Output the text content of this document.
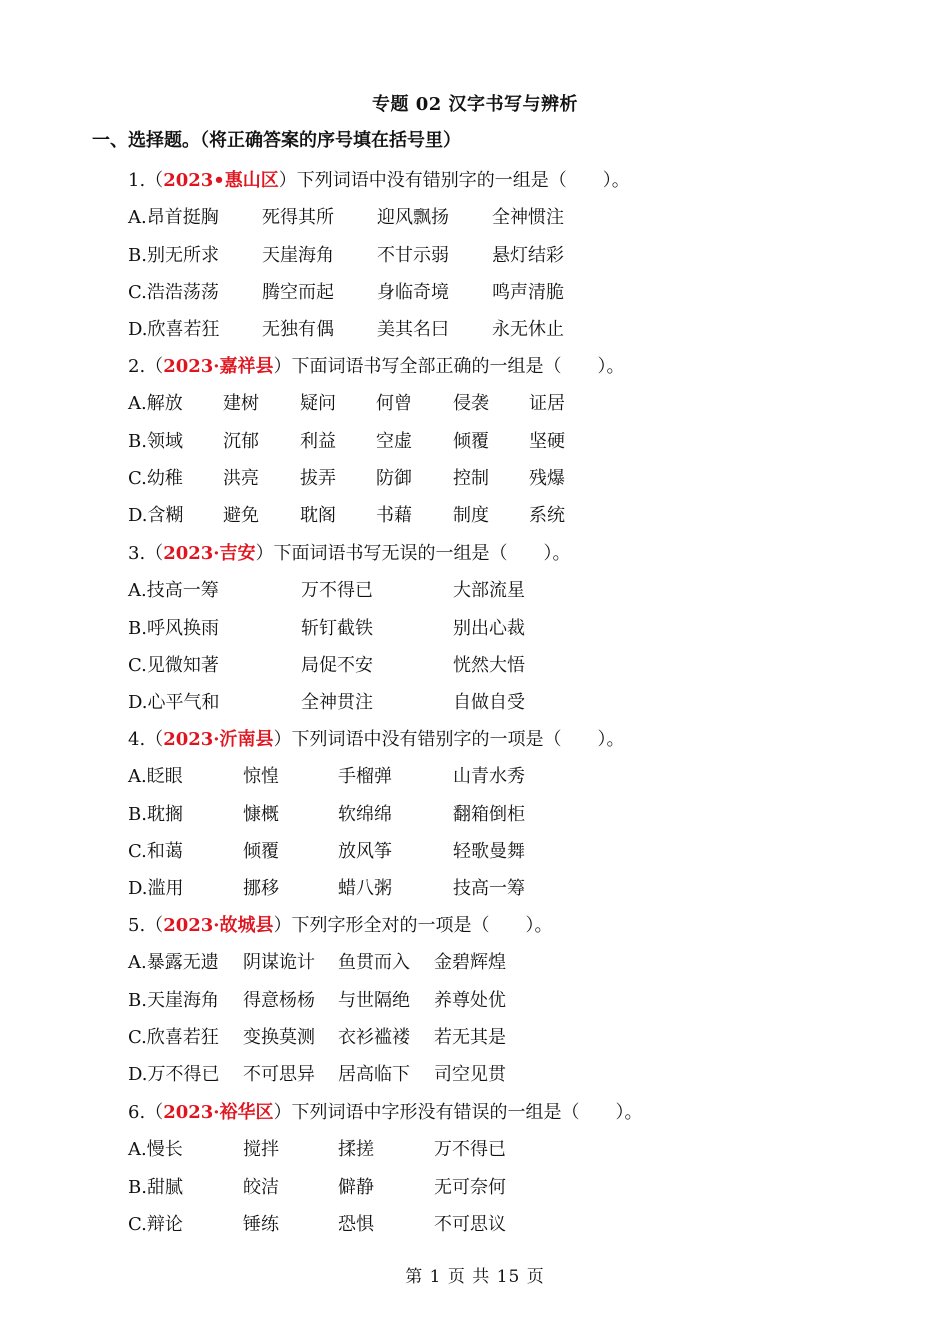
专题 02 汉字书写与辨析
一、选择题。（将正确答案的序号填在括号里）
1.（2023•惠山区）下列词语中没有错别字的一组是（　　）。
A.昂首挺胸 死得其所 迎风飘扬 全神惯注
B.别无所求 天崖海角 不甘示弱 悬灯结彩
C.浩浩荡荡 腾空而起 身临奇境 鸣声清脆
D.欣喜若狂 无独有偶 美其名曰 永无休止
2.（2023·嘉祥县）下面词语书写全部正确的一组是（　　）。
A.解放 建树 疑问 何曾 侵袭 证居
B.领域 沉郁 利益 空虚 倾覆 坚硬
C.幼稚 洪亮 拔弄 防御 控制 残爆
D.含糊 避免 耽阁 书藉 制度 系统
3.（2023·吉安）下面词语书写无误的一组是（　　）。
A.技高一筹	万不得已	大部流星
B.呼风换雨	斩钉截铁	别出心裁
C.见微知著	局促不安	恍然大悟
D.心平气和	全神贯注	自做自受
4.（2023·沂南县）下列词语中没有错别字的一项是（　　）。
A.眨眼	惊惶	手榴弹	山青水秀
B.耽搁	慷概	软绵绵	翻箱倒柜
C.和蔼	倾覆	放风筝	轻歌曼舞
D.滥用	挪移	蜡八粥	技高一筹
5.（2023·故城县）下列字形全对的一项是（　　）。
A.暴露无遗 阴谋诡计 鱼贯而入 金碧辉煌
B.天崖海角 得意杨杨 与世隔绝 养尊处优
C.欣喜若狂 变换莫测 衣衫褴褛 若无其是
D.万不得已 不可思异 居高临下 司空见贯
6.（2023·裕华区）下列词语中字形没有错误的一组是（　　）。
A.慢长	搅拌	揉搓	万不得已
B.甜腻	皎洁	僻静	无可奈何
C.辩论	锤练	恐惧	不可思议
第 1 页 共 15 页
